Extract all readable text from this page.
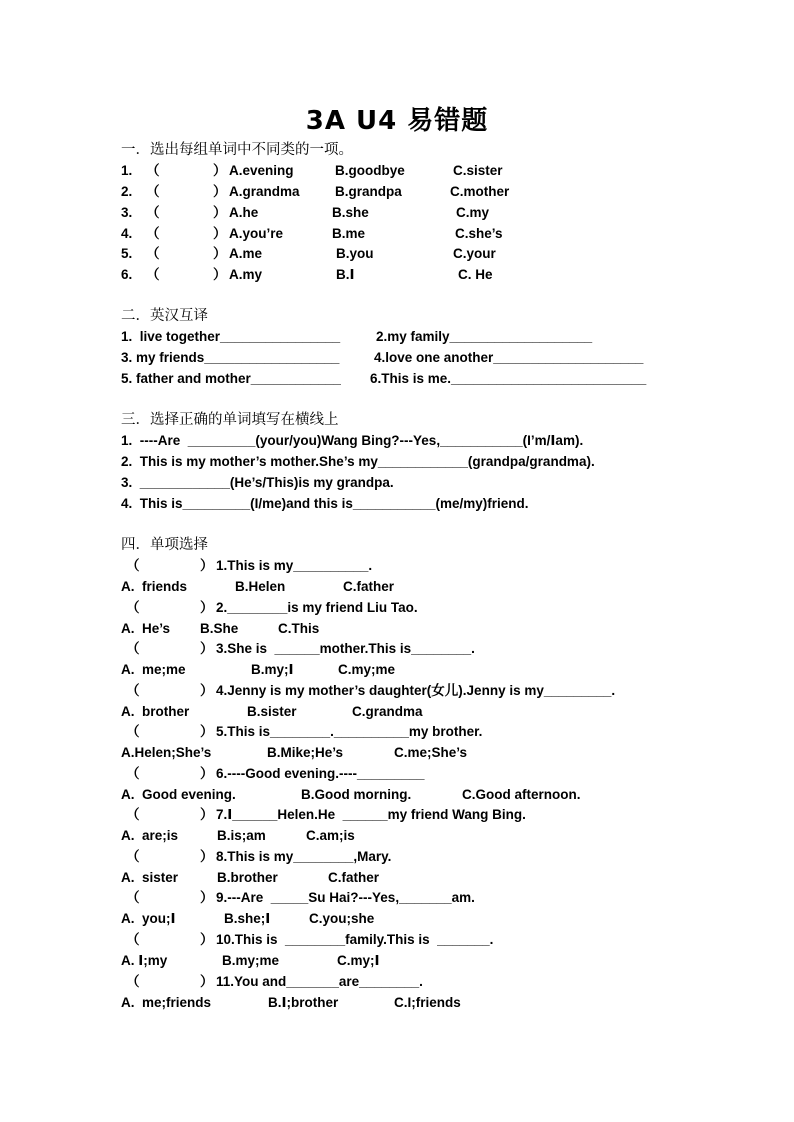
3A U4 易错题
一．选出每组单词中不同类的一项。
1. （	） A.evening	B.goodbye	C.sister
2. （	） A.grandma	B.grandpa	C.mother
3. （	） A.he	B.she	C.my
4. （	） A.you’re	B.me	C.she’s
5. （	） A.me	B.you	C.your
6. （	） A.my	B.Ⅰ	C. He
二．英汉互译
1.  live together________________	2.my family___________________
3. my friends__________________	4.love one another____________________
5. father and mother____________ 6.This is me.__________________________
三．选择正确的单词填写在横线上
1.  ----Are  _________(your/you)Wang Bing?---Yes,___________(I’m/Ⅰam).
2.  This is my mother’s mother.She’s my____________(grandpa/grandma).
3.  ____________(He’s/This)is my grandpa.
4.  This is_________(I/me)and this is___________(me/my)friend.
四．单项选择
（	） 1.This is my__________.
A.  friends	B.Helen	C.father
（	） 2.________is my friend Liu Tao.
A.  He’s B.She	C.This
（	） 3.She is  ______mother.This is________.
A.  me;me	B.my;Ⅰ	C.my;me
（	） 4.Jenny is my mother’s daughter(女儿).Jenny is my_________.
A.  brother	B.sister	C.grandma
（	） 5.This is________.__________my brother.
A.Helen;She’s	B.Mike;He’s	C.me;She’s
（	） 6.----Good evening.----_________
A.  Good evening.	B.Good morning.	C.Good afternoon.
（	） 7.Ⅰ______Helen.He  ______my friend Wang Bing.
A.  are;is	B.is;am	C.am;is
（	） 8.This is my________,Mary.
A.  sister	B.brother	C.father
（	） 9.---Are  _____Su Hai?---Yes,_______am.
A.  you;Ⅰ	B.she;Ⅰ	C.you;she
（	） 10.This is  ________family.This is  _______.
A. Ⅰ;my	B.my;me	C.my;Ⅰ
（	） 11.You and_______are________.
A.  me;friends	B.Ⅰ;brother	C.I;friends
